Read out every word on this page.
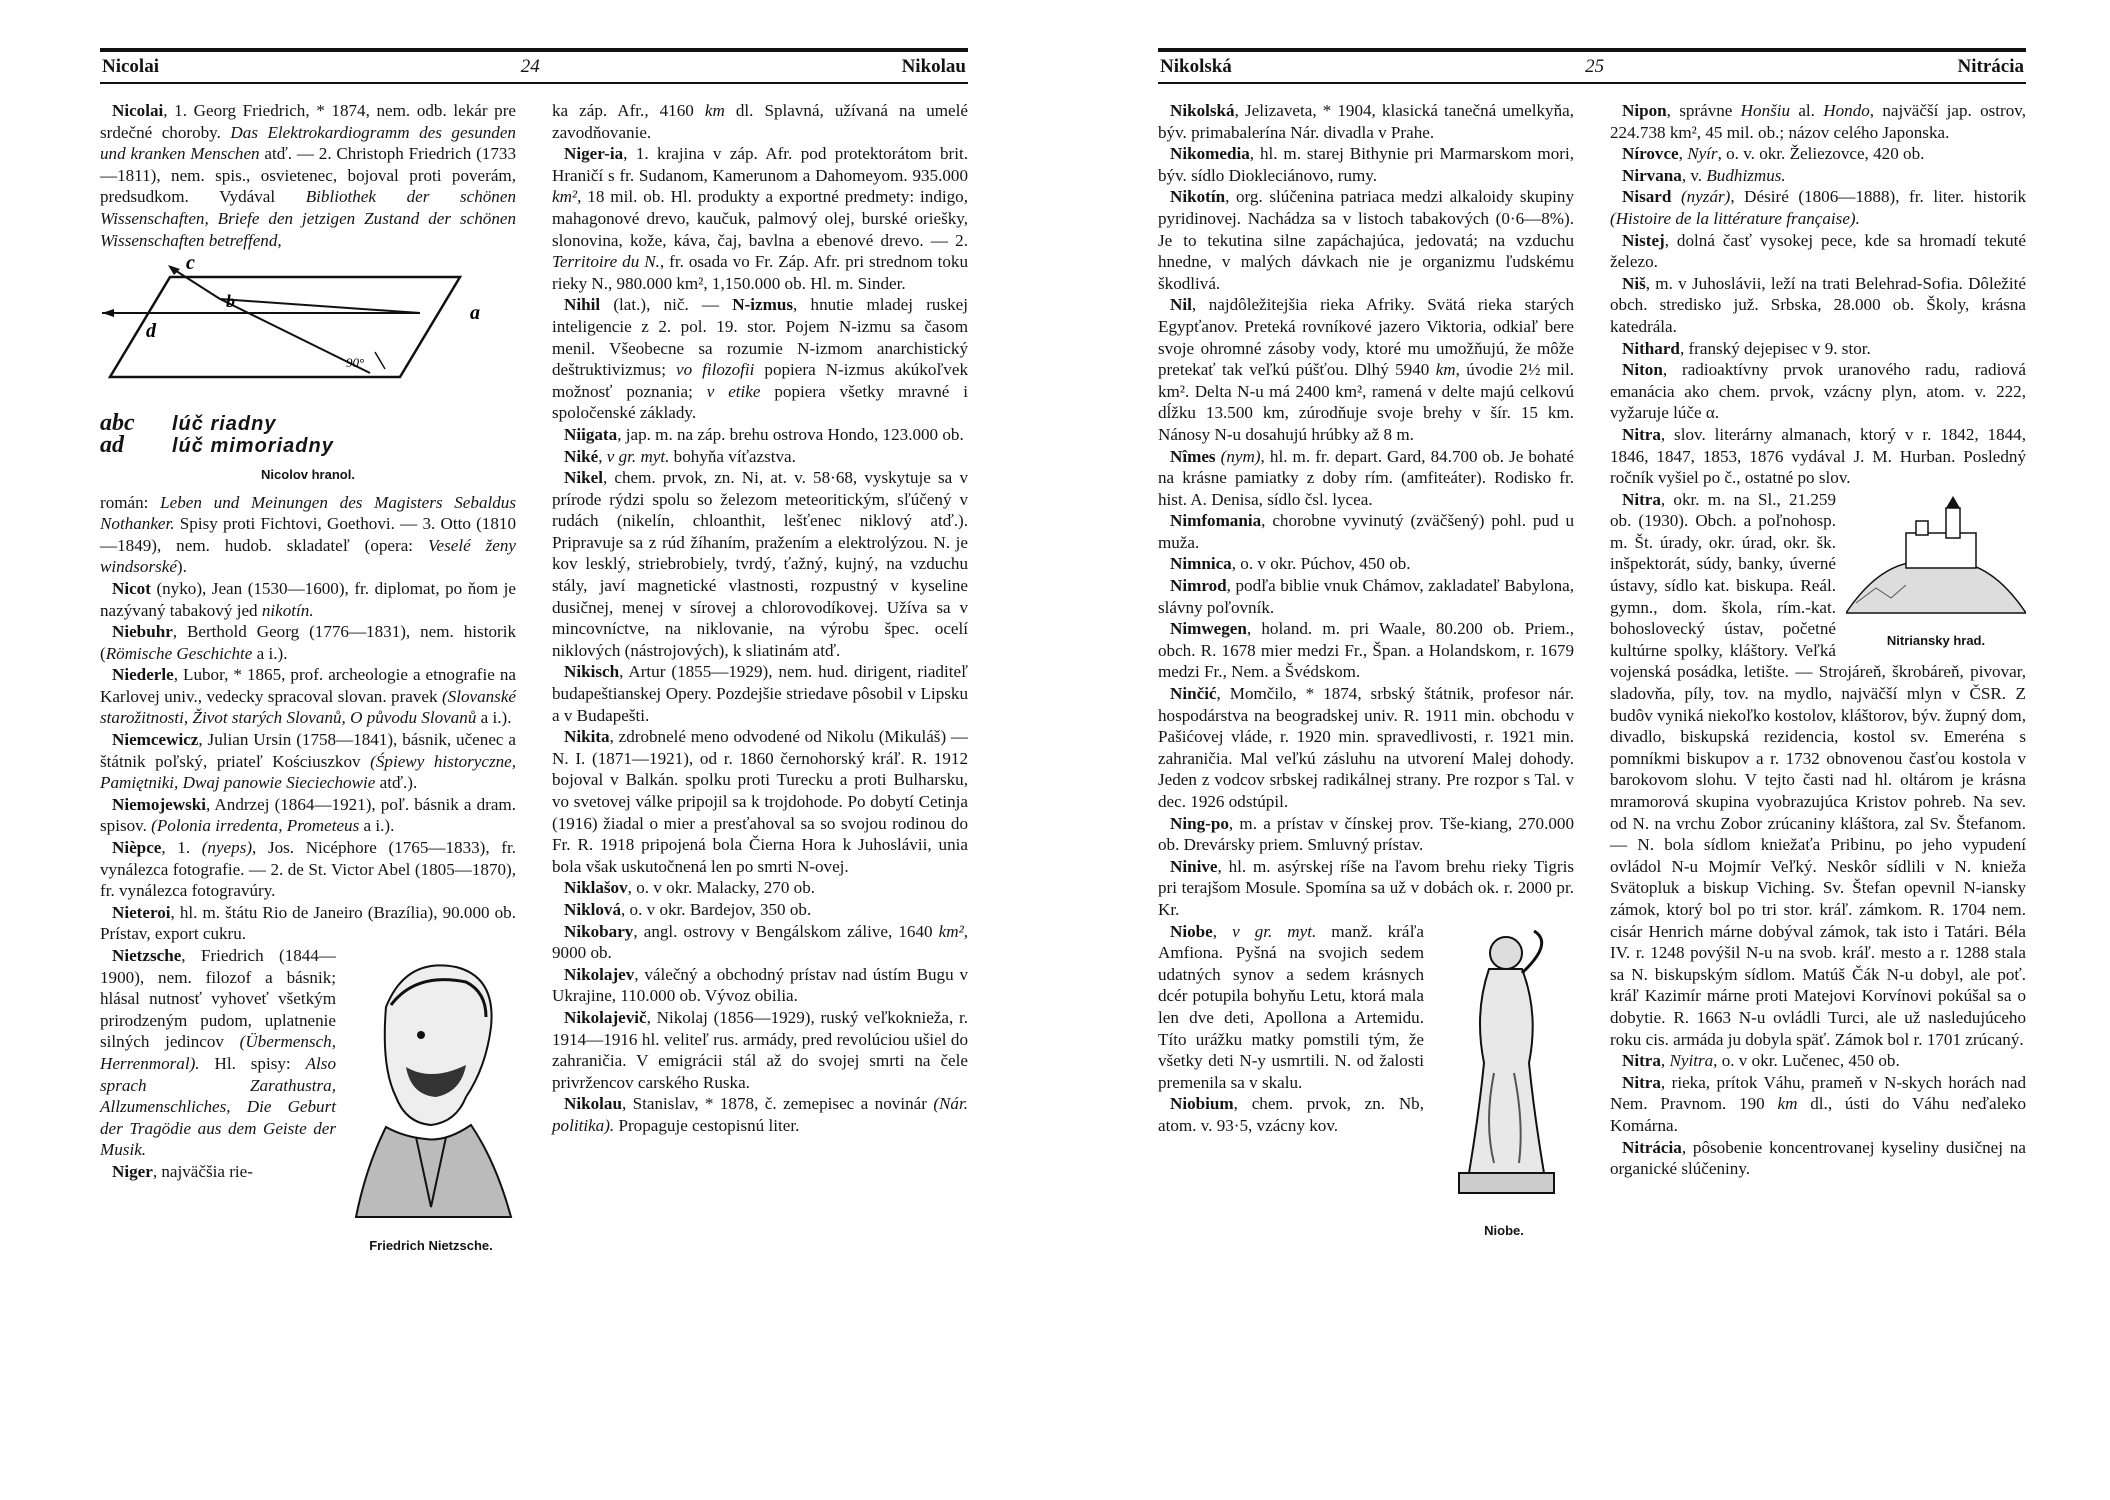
Nicolai	24	Nikolau

Nicolai, 1. Georg Friedrich, * 1874, nem. odb. lekár pre srdečné choroby. Das Elektrokardiogramm des gesunden und kranken Menschen atď. — 2. Christoph Friedrich (1733—1811), nem. spis., osvietenec, bojoval proti poverám, predsudkom. Vydával Bibliothek der schönen Wissenschaften, Briefe den jetzigen Zustand der schönen Wissenschaften betreffend,

c
b
a
d
90°
abc lúč riadny
ad lúč mimoriadny
Nicolov hranol.

román: Leben und Meinungen des Magisters Sebaldus Nothanker. Spisy proti Fichtovi, Goethovi. — 3. Otto (1810—1849), nem. hudob. skladateľ (opera: Veselé ženy windsorské).

Nicot (nyko), Jean (1530—1600), fr. diplomat, po ňom je nazývaný tabakový jed nikotín.

Niebuhr, Berthold Georg (1776—1831), nem. historik (Römische Geschichte a i.).

Niederle, Lubor, * 1865, prof. archeologie a etnografie na Karlovej univ., vedecky spracoval slovan. pravek (Slovanské starožitnosti, Život starých Slovanů, O původu Slovanů a i.).

Niemcewicz, Julian Ursin (1758—1841), básnik, učenec a štátnik poľský, priateľ Kościuszkov (Śpiewy historyczne, Pamiętniki, Dwaj panowie Sieciechowie atď.).

Niemojewski, Andrzej (1864—1921), poľ. básnik a dram. spisov. (Polonia irredenta, Prometeus a i.).

Nièpce, 1. (nyeps), Jos. Nicéphore (1765—1833), fr. vynálezca fotografie. — 2. de St. Victor Abel (1805—1870), fr. vynálezca fotogravúry.

Nieteroi, hl. m. štátu Rio de Janeiro (Brazília), 90.000 ob. Prístav, export cukru.

Friedrich Nietzsche.

Nietzsche, Friedrich (1844—1900), nem. filozof a básnik; hlásal nutnosť vyhoveť všetkým prirodzeným pudom, uplatnenie silných jedincov (Übermensch, Herrenmoral). Hl. spisy: Also sprach Zarathustra, Allzumenschliches, Die Geburt der Tragödie aus dem Geiste der Musik.

Niger, najväčšia rie-

ka záp. Afr., 4160 km dl. Splavná, užívaná na umelé zavodňovanie.

Niger-ia, 1. krajina v záp. Afr. pod protektorátom brit. Hraničí s fr. Sudanom, Kamerunom a Dahomeyom. 935.000 km², 18 mil. ob. Hl. produkty a exportné predmety: indigo, mahagonové drevo, kaučuk, palmový olej, burské oriešky, slonovina, kože, káva, čaj, bavlna a ebenové drevo. — 2. Territoire du N., fr. osada vo Fr. Záp. Afr. pri strednom toku rieky N., 980.000 km², 1,150.000 ob. Hl. m. Sinder.

Nihil (lat.), nič. — N-izmus, hnutie mladej ruskej inteligencie z 2. pol. 19. stor. Pojem N-izmu sa časom menil. Všeobecne sa rozumie N-izmom anarchistický deštruktivizmus; vo filozofii popiera N-izmus akúkoľvek možnosť poznania; v etike popiera všetky mravné i spoločenské základy.

Niigata, jap. m. na záp. brehu ostrova Hondo, 123.000 ob.

Niké, v gr. myt. bohyňa víťazstva.

Nikel, chem. prvok, zn. Ni, at. v. 58·68, vyskytuje sa v prírode rýdzi spolu so železom meteoritickým, sľúčený v rudách (nikelín, chloanthit, lešťenec niklový atď.). Pripravuje sa z rúd žíhaním, pražením a elektrolýzou. N. je kov lesklý, striebrobiely, tvrdý, ťažný, kujný, na vzduchu stály, javí magnetické vlastnosti, rozpustný v kyseline dusičnej, menej v sírovej a chlorovodíkovej. Užíva sa v mincovníctve, na niklovanie, na výrobu špec. ocelí niklových (nástrojových), k sliatinám atď.

Nikisch, Artur (1855—1929), nem. hud. dirigent, riaditeľ budapeštianskej Opery. Pozdejšie striedave pôsobil v Lipsku a v Budapešti.

Nikita, zdrobnelé meno odvodené od Nikolu (Mikuláš) — N. I. (1871—1921), od r. 1860 černohorský kráľ. R. 1912 bojoval v Balkán. spolku proti Turecku a proti Bulharsku, vo svetovej válke pripojil sa k trojdohode. Po dobytí Cetinja (1916) žiadal o mier a presťahoval sa so svojou rodinou do Fr. R. 1918 pripojená bola Čierna Hora k Juhoslávii, unia bola však uskutočnená len po smrti N-ovej.

Niklašov, o. v okr. Malacky, 270 ob.

Niklová, o. v okr. Bardejov, 350 ob.

Nikobary, angl. ostrovy v Bengálskom zálive, 1640 km², 9000 ob.

Nikolajev, válečný a obchodný prístav nad ústím Bugu v Ukrajine, 110.000 ob. Vývoz obilia.

Nikolajevič, Nikolaj (1856—1929), ruský veľkoknieža, r. 1914—1916 hl. veliteľ rus. armády, pred revolúciou ušiel do zahraničia. V emigrácii stál až do svojej smrti na čele privržencov carského Ruska.

Nikolau, Stanislav, * 1878, č. zemepisec a novinár (Nár. politika). Propaguje cestopisnú liter.

Nikolská	25	Nitrácia

Nikolská, Jelizaveta, * 1904, klasická tanečná umelkyňa, býv. primabalerína Nár. divadla v Prahe.

Nikomedia, hl. m. starej Bithynie pri Marmarskom mori, býv. sídlo Diokleciánovo, rumy.

Nikotín, org. slúčenina patriaca medzi alkaloidy skupiny pyridinovej. Nachádza sa v listoch tabakových (0·6—8%). Je to tekutina silne zapáchajúca, jedovatá; na vzduchu hnedne, v malých dávkach nie je organizmu ľudskému škodlivá.

Nil, najdôležitejšia rieka Afriky. Svätá rieka starých Egypťanov. Preteká rovníkové jazero Viktoria, odkiaľ bere svoje ohromné zásoby vody, ktoré mu umožňujú, že môže pretekať tak veľkú púšťou. Dlhý 5940 km, úvodie 2½ mil. km². Delta N-u má 2400 km², ramená v delte majú celkovú dĺžku 13.500 km, zúrodňuje svoje brehy v šír. 15 km. Nánosy N-u dosahujú hrúbky až 8 m.

Nîmes (nym), hl. m. fr. depart. Gard, 84.700 ob. Je bohaté na krásne pamiatky z doby rím. (amfiteáter). Rodisko fr. hist. A. Denisa, sídlo čsl. lycea.

Nimfomania, chorobne vyvinutý (zväčšený) pohl. pud u muža.

Nimnica, o. v okr. Púchov, 450 ob.

Nimrod, podľa biblie vnuk Chámov, zakladateľ Babylona, slávny poľovník.

Nimwegen, holand. m. pri Waale, 80.200 ob. Priem., obch. R. 1678 mier medzi Fr., Špan. a Holandskom, r. 1679 medzi Fr., Nem. a Švédskom.

Ninčić, Momčilo, * 1874, srbský štátnik, profesor nár. hospodárstva na beogradskej univ. R. 1911 min. obchodu v Pašićovej vláde, r. 1920 min. spravedlivosti, r. 1921 min. zahraničia. Mal veľkú zásluhu na utvorení Malej dohody. Jeden z vodcov srbskej radikálnej strany. Pre rozpor s Tal. v dec. 1926 odstúpil.

Ning-po, m. a prístav v čínskej prov. Tše-kiang, 270.000 ob. Drevársky priem. Smluvný prístav.

Ninive, hl. m. asýrskej ríše na ľavom brehu rieky Tigris pri terajšom Mosule. Spomína sa už v dobách ok. r. 2000 pr. Kr.

Niobe.

Niobe, v gr. myt. manž. kráľa Amfiona. Pyšná na svojich sedem udatných synov a sedem krásnych dcér potupila bohyňu Letu, ktorá mala len dve deti, Apollona a Artemidu. Títo urážku matky pomstili tým, že všetky deti N-y usmrtili. N. od žalosti premenila sa v skalu.

Niobium, chem. prvok, zn. Nb, atom. v. 93·5, vzácny kov.

Nipon, správne Honšiu al. Hondo, najväčší jap. ostrov, 224.738 km², 45 mil. ob.; názov celého Japonska.

Nírovce, Nyír, o. v. okr. Želiezovce, 420 ob.

Nirvana, v. Budhizmus.

Nisard (nyzár), Désiré (1806—1888), fr. liter. historik (Histoire de la littérature française).

Nistej, dolná časť vysokej pece, kde sa hromadí tekuté železo.

Niš, m. v Juhoslávii, leží na trati Belehrad-Sofia. Dôležité obch. stredisko juž. Srbska, 28.000 ob. Školy, krásna katedrála.

Nithard, franský dejepisec v 9. stor.

Niton, radioaktívny prvok uranového radu, radiová emanácia ako chem. prvok, vzácny plyn, atom. v. 222, vyžaruje lúče α.

Nitra, slov. literárny almanach, ktorý v r. 1842, 1844, 1846, 1847, 1853, 1876 vydával J. M. Hurban. Posledný ročník vyšiel po č., ostatné po slov.

Nitriansky hrad.

Nitra, okr. m. na Sl., 21.259 ob. (1930). Obch. a poľnohosp. m. Št. úrady, okr. úrad, okr. šk. inšpektorát, súdy, banky, úverné ústavy, sídlo kat. biskupa. Reál. gymn., dom. škola, rím.-kat. bohoslovecký ústav, početné kultúrne spolky, kláštory. Veľká vojenská posádka, letište. — Strojáreň, škrobáreň, pivovar, sladovňa, píly, tov. na mydlo, najväčší mlyn v ČSR. Z budôv vyniká niekoľko kostolov, kláštorov, býv. župný dom, divadlo, biskupská rezidencia, kostol sv. Emeréna s pomníkmi biskupov a r. 1732 obnovenou časťou kostola v barokovom slohu. V tejto časti nad hl. oltárom je krásna mramorová skupina vyobrazujúca Kristov pohreb. Na sev. od N. na vrchu Zobor zrúcaniny kláštora, zal Sv. Štefanom. — N. bola sídlom kniežaťa Pribinu, po jeho vypudení ovládol N-u Mojmír Veľký. Neskôr sídlili v N. knieža Svätopluk a biskup Viching. Sv. Štefan opevnil N-iansky zámok, ktorý bol po tri stor. kráľ. zámkom. R. 1704 nem. cisár Henrich márne dobýval zámok, tak isto i Tatári. Béla IV. r. 1248 povýšil N-u na svob. kráľ. mesto a r. 1288 stala sa N. biskupským sídlom. Matúš Čák N-u dobyl, ale poť. kráľ Kazimír márne proti Matejovi Korvínovi pokúšal sa o dobytie. R. 1663 N-u ovládli Turci, ale už nasledujúceho roku cis. armáda ju dobyla späť. Zámok bol r. 1701 zrúcaný.

Nitra, Nyitra, o. v okr. Lučenec, 450 ob.

Nitra, rieka, prítok Váhu, prameň v N-skych horách nad Nem. Pravnom. 190 km dl., ústi do Váhu neďaleko Komárna.

Nitrácia, pôsobenie koncentrovanej kyseliny dusičnej na organické slúčeniny.
